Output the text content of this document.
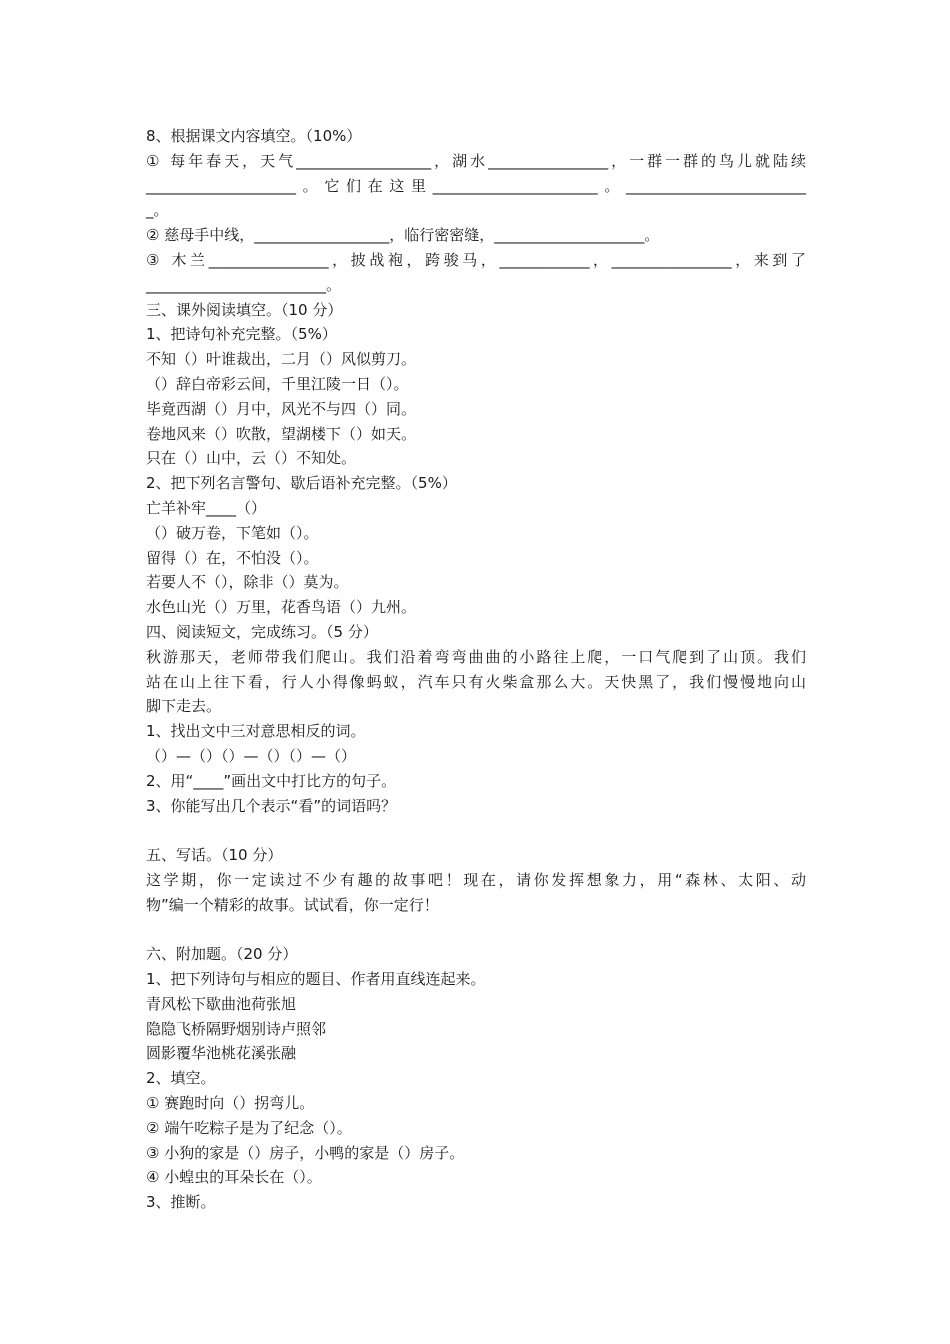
8、根据课文内容填空。（10%）
① 每年春天，天气__________________，湖水________________，一群一群的鸟儿就陆续
____________________。它们在这里______________________。________________________
_。
② 慈母手中线，__________________，临行密密缝，____________________。
③ 木兰________________，披战袍，跨骏马，____________，________________，来到了
________________________。
三、课外阅读填空。（10 分）
1、把诗句补充完整。（5%）
不知（）叶谁裁出，二月（）风似剪刀。
（）辞白帝彩云间，千里江陵一日（）。
毕竟西湖（）月中，风光不与四（）同。
卷地风来（）吹散，望湖楼下（）如天。
只在（）山中，云（）不知处。
2、把下列名言警句、歇后语补充完整。（5%）
亡羊补牢____（）
（）破万卷，下笔如（）。
留得（）在，不怕没（）。
若要人不（），除非（）莫为。
水色山光（）万里，花香鸟语（）九州。
四、阅读短文，完成练习。（5 分）
秋游那天，老师带我们爬山。我们沿着弯弯曲曲的小路往上爬，一口气爬到了山顶。我们
站在山上往下看，行人小得像蚂蚁，汽车只有火柴盒那么大。天快黑了，我们慢慢地向山
脚下走去。
1、找出文中三对意思相反的词。
（）—（）（）—（）（）—（）
2、用“____”画出文中打比方的句子。
3、你能写出几个表示“看”的词语吗？
五、写话。（10 分）
这学期，你一定读过不少有趣的故事吧！现在，请你发挥想象力，用“森林、太阳、动
物”编一个精彩的故事。试试看，你一定行！
六、附加题。（20 分）
1、把下列诗句与相应的题目、作者用直线连起来。
青风松下歇曲池荷张旭
隐隐飞桥隔野烟别诗卢照邻
圆影覆华池桃花溪张融
2、填空。
① 赛跑时向（）拐弯儿。
② 端午吃粽子是为了纪念（）。
③ 小狗的家是（）房子，小鸭的家是（）房子。
④ 小蝗虫的耳朵长在（）。
3、推断。
